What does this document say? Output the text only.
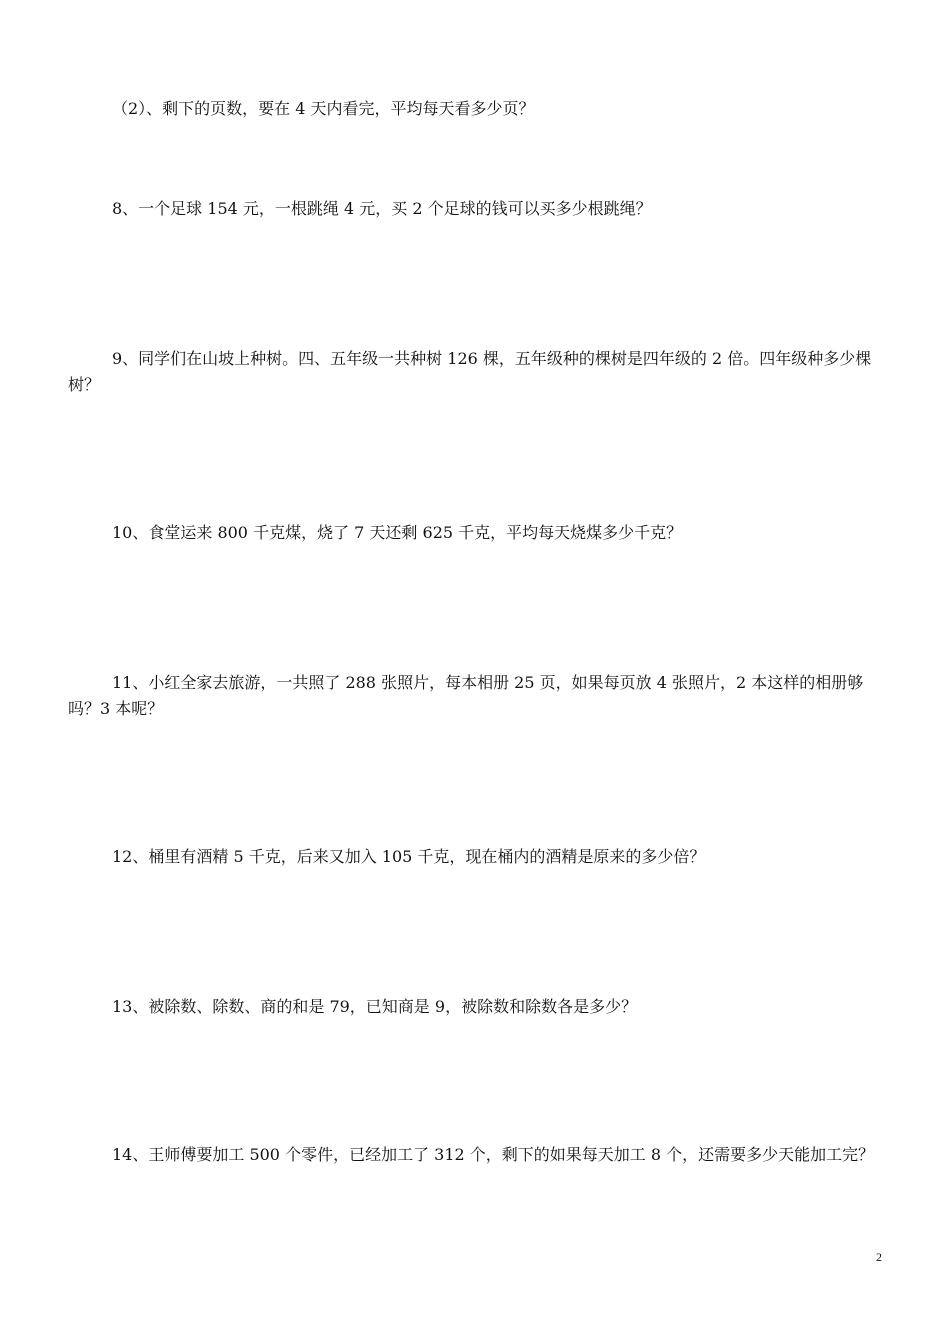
（2）、剩下的页数，要在 4 天内看完，平均每天看多少页？

8、一个足球 154 元，一根跳绳 4 元，买 2 个足球的钱可以买多少根跳绳？

9、同学们在山坡上种树。四、五年级一共种树 126 棵，五年级种的棵树是四年级的 2 倍。四年级种多少棵树？

10、食堂运来 800 千克煤，烧了 7 天还剩 625 千克，平均每天烧煤多少千克？

11、小红全家去旅游，一共照了 288 张照片，每本相册 25 页，如果每页放 4 张照片，2 本这样的相册够吗？3 本呢？

12、桶里有酒精 5 千克，后来又加入 105 千克，现在桶内的酒精是原来的多少倍？

13、被除数、除数、商的和是 79，已知商是 9，被除数和除数各是多少？

14、王师傅要加工 500 个零件，已经加工了 312 个，剩下的如果每天加工 8 个，还需要多少天能加工完？

2
